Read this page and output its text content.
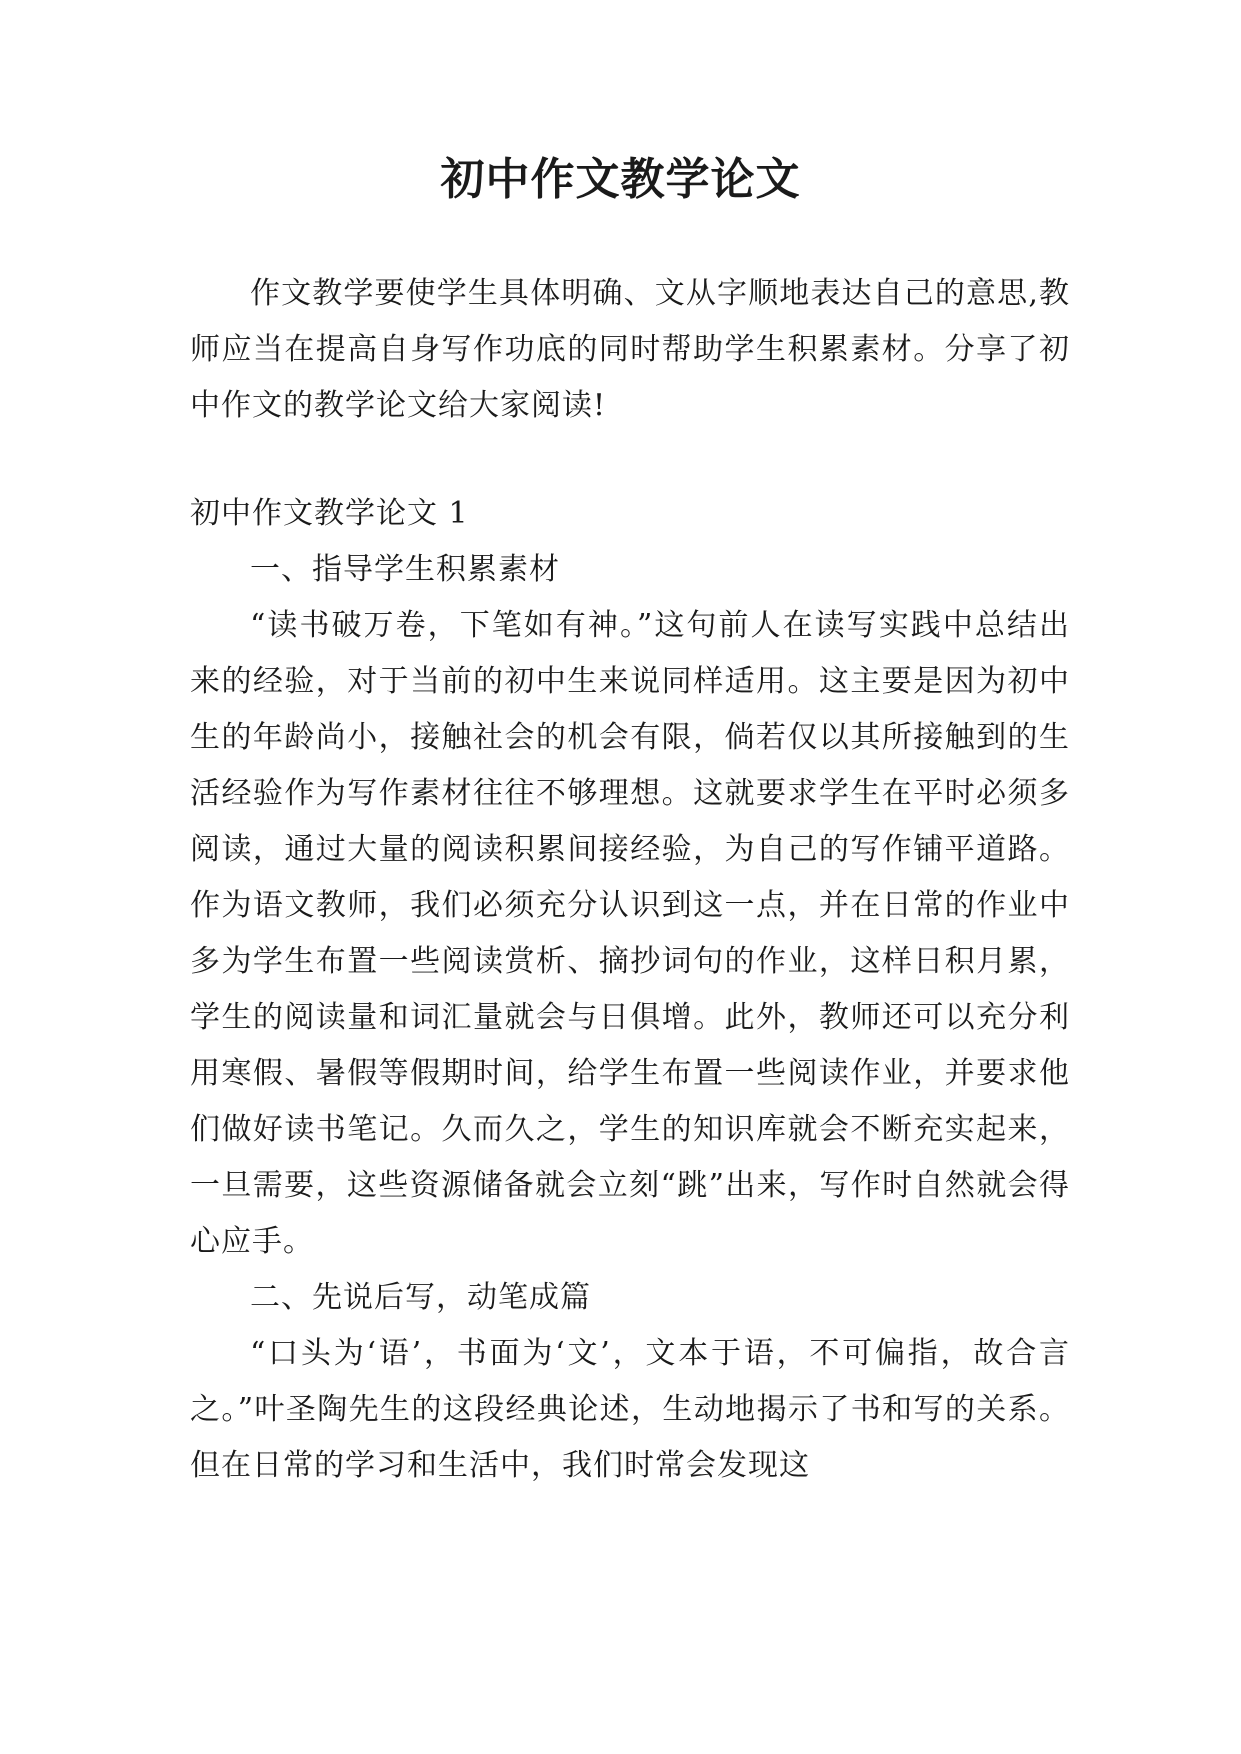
初中作文教学论文

作文教学要使学生具体明确、文从字顺地表达自己的意思,教师应当在提高自身写作功底的同时帮助学生积累素材。分享了初中作文的教学论文给大家阅读!

初中作文教学论文 1

一、指导学生积累素材

“读书破万卷，下笔如有神。”这句前人在读写实践中总结出来的经验，对于当前的初中生来说同样适用。这主要是因为初中生的年龄尚小，接触社会的机会有限，倘若仅以其所接触到的生活经验作为写作素材往往不够理想。这就要求学生在平时必须多阅读，通过大量的阅读积累间接经验，为自己的写作铺平道路。作为语文教师，我们必须充分认识到这一点，并在日常的作业中多为学生布置一些阅读赏析、摘抄词句的作业，这样日积月累，学生的阅读量和词汇量就会与日俱增。此外，教师还可以充分利用寒假、暑假等假期时间，给学生布置一些阅读作业，并要求他们做好读书笔记。久而久之，学生的知识库就会不断充实起来，一旦需要，这些资源储备就会立刻“跳”出来，写作时自然就会得心应手。

二、先说后写，动笔成篇

“口头为‘语’，书面为‘文’，文本于语，不可偏指，故合言之。”叶圣陶先生的这段经典论述，生动地揭示了书和写的关系。但在日常的学习和生活中，我们时常会发现这
